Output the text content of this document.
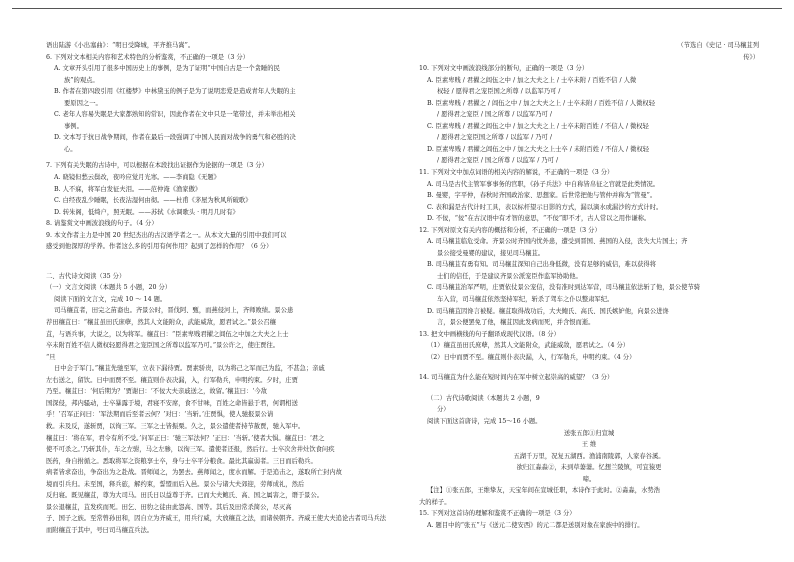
语出陆游《小出塞曲》：“明日受降城，平齐推马嵩”。
6. 下列对文本相关内容和艺术特色的分析鉴赏，不正确的一项是（3 分）
A. 文章开头引用了很多中国历史上的事例，是为了证明“中国自古是一个贪睡的民
族”的观点。
B. 作者在第四段引用《红楼梦》中林黛玉的例子是为了说明恋爱是造成青年人失眠的主
要原因之一。
C. 老年人容易失眠是大家都熟知的常识，因此作者在文中只是一笔带过，并未举出相关
事例。
D. 文本写于抗日战争期间，作者在最后一段强调了中国人民面对战争的勇气和必胜的决
心。
7. 下列有关失眠的古诗中，可以根据在本段找出证据作为论据的一项是（3 分）
A. 晓镜但愁云鬓改，夜吟应觉月光寒。——李商隐《无题》
B. 人不寐，将军白发征夫泪。——范仲淹《渔家傲》
C. 白经夜乱少睡眠，长夜沾湿何由彻。——杜甫《茅屋为秋风所破歌》
D. 转朱阁，低绮户，照无眠。——苏轼《水调歌头 · 明月几时有》
8. 请鉴赏文中画波浪线的句子。（4 分）
9. 本文作者主力是中国 20 世纪杰出的古汉语学者之一。从本文大量的引用中我们可以
感受到他深厚的学养。作者这么多的引用有何作用？起到了怎样的作用？（6 分）
二、古代诗文阅读（35 分）
（一）文言文阅读（本题共 5 小题，20 分）
阅读下面的文言文，完成 10 ～ 14 题。
司马穰苴者，田完之苗裔也。齐景公时，晋伐阿、甄，而燕侵河上，齐师败绩。景公患
荐田穰苴曰：“穰苴虽田氏庶孽，然其人文能附众，武能威敌，愿君试之。”景公召穰
苴，与语兵事，大说之，以为将军。穰苴曰：“臣素卑贱君擢之闾伍之中加之大夫之上士
卒未附百姓不信人微权轻愿得君之宠臣国之所尊以监军乃可。”景公许之，使庄贾往。
“旦
日中会于军门。”穰苴先驰至军，立表下漏待贾。贾素骄贵，以为将己之军而己为监，不甚急；亲戚
左右送之，留饮。日中而贾不至。穰苴则仆表决漏，入，行军勒兵，申明约束。夕时，庄贾
乃至。穰苴曰：‘何后期为？’贾谢曰：‘不佞大夫亲戚送之，故留。’穰苴曰：‘今敌
国深侵，邦内骚动，士卒暴露于境，君寝不安席，食不甘味，百姓之命皆悬于君，何谓相送
乎！’召军正问曰：‘军法期而后至者云何？’对曰：‘当斩。’庄贾惧，使人驰报景公请
救。未及反，遂斩贾，以徇三军。三军之士皆振栗。久之，景公遣使者持节赦贾，驰入军中。
穰苴曰：‘将在军，君令有所不受。’问军正曰：‘驰三军法何？’正曰：‘当斩。’使者大惧。穰苴曰：‘君之
使不可杀之。’乃斩其仆，车之左驸，马之左骖，以徇三军。遣使者还报，然后行。士卒次舍井灶饮食问疾
医药，身自拊循之。悉取将军之资粮享士卒，身与士卒平分粮食。最比其羸弱者。三日而后勒兵。
病者皆求奋出，争奋出为之赴战。晋师闻之，为罢去。燕师闻之，度水而解。于是追击之，遂取所亡封内故
境而引兵归。未至国，释兵旅，解约束，誓盟而后入邑。景公与诸大夫郊迎，劳师成礼，然后
反归寝。既见穰苴，尊为大司马。田氏日以益尊于齐。已而大夫鲍氏、高、国之属害之，谮于景公。
景公退穰苴，苴发疾而死。田乞、田豹之徒由此怨高、国等。其后及田常杀简公，尽灭高
子、国子之族。至常曾孙田和，因自立为齐威王，用兵行威，大放穰苴之法，而诸侯朝齐。齐威王使大夫追论古者司马兵法
而附穰苴于其中，号曰司马穰苴兵法。
（节选自《史记 · 司马穰苴列
传》）
10. 下列对文中画波浪线部分的断句，正确的一项是（3 分）
A. 臣素卑贱 / 君擢之闾伍之中 / 加之大夫之上 / 士卒未附 / 百姓不信 / 人微
权轻 / 愿得君之宠臣国之所尊 / 以监军乃可 /
B. 臣素卑贱 / 君擢之 / 闾伍之中 / 加之大夫之上 / 士卒未附 / 百姓不信 / 人微权轻
/ 愿得君之宠臣 / 国之所尊 / 以监军乃可 /
C. 臣素卑贱 / 君擢之闾伍之中 / 加之大夫之上 / 士卒未附百姓 / 不信人 / 微权轻
/ 愿得君之宠臣国之所尊 / 以监军 / 乃可 /
D. 臣素卑贱 / 君擢之闾伍之中 / 加之大夫之上士卒 / 未附百姓 / 不信人 / 微权轻
/ 愿得君之宠臣 / 国之所尊 / 以监军 / 乃可 /
11. 下列对文中加点词语的相关内容的解说，不正确的一项是（3 分）
A. 司马是古代主管军事事务的官职，《孙子兵法》中自称皆帛征之官就是此类情况。
B. 曼婴，字平仲，春秋时齐国政治家、思想家。后世常把他与管仲并称为“管曼”。
C. 表和漏是古代计时工具，表以标杆望示日影的方式，漏以滴水或漏沙的方式计时。
D. 不佞，“佞”在古汉语中有才智的意思，“不佞”即不才，古人常以之用作谦称。
12. 下列对原文有关内容的概括和分析，不正确的一项是（3 分）
A. 司马穰苴临危受命。齐景公时齐国内忧外患，遭受到晋国、燕国的入侵，丧失大片国土；齐
景公接受曼婴的建议，接见司马穰苴。
B. 司马穰苴有勇有知。司马穰苴深知自己出身低微，没有足够的威信，难以获得将
士们的信任，于是建议齐景公派宠臣作监军协助他。
C. 司马穰苴治军严明，庄贾依仗景公宠信，没有准时到达军营，司马穰苴依法斩了他，景公使节骑
车入营，司马穰苴依然坚持军纪，斩杀了驾车之仆以整肃军纪。
D. 司马穰苴因谗言被疑。穰苴取得战功后，大夫鲍氏、高氏、国氏嫉妒他，向景公进谗
言，景公便罢免了他，穰苴因此发病而死，并含恨而逝。
13. 把文中画横线的句子翻译成现代汉语。（8 分）
（1）穰苴虽田氏庶孽，然其人文能附众，武能威敌，愿君试之。（4 分）
（2）日中而贾不至。穰苴则仆表决漏，入，行军勒兵，申明约束。（4 分）
14. 司马穰苴为什么能在短时间内在军中树立起崇高的威望？（3 分）
（二）古代诗歌阅读（本题共 2 小题，9
分）
阅读下面这首唐诗，完成 15～16 小题。
送张五郎①归宣城
王 维
五湖千万里，况复五湖西。渔浦南陵郭，人家春谷溪。
欲归江淼淼②，未到草萋萋。忆想兰陵镇，可宜猿更
啼。
【注】①张五郎，王维挚友，天宝年间在宣城任职，本诗作于此时。②淼淼，水势浩
大的样子。
15. 下列对这首诗的理解和鉴赏不正确的一项是（3 分）
A. 题目中的“张五”与《送元二使安西》的元二都是送别对象在家族中的排行。
